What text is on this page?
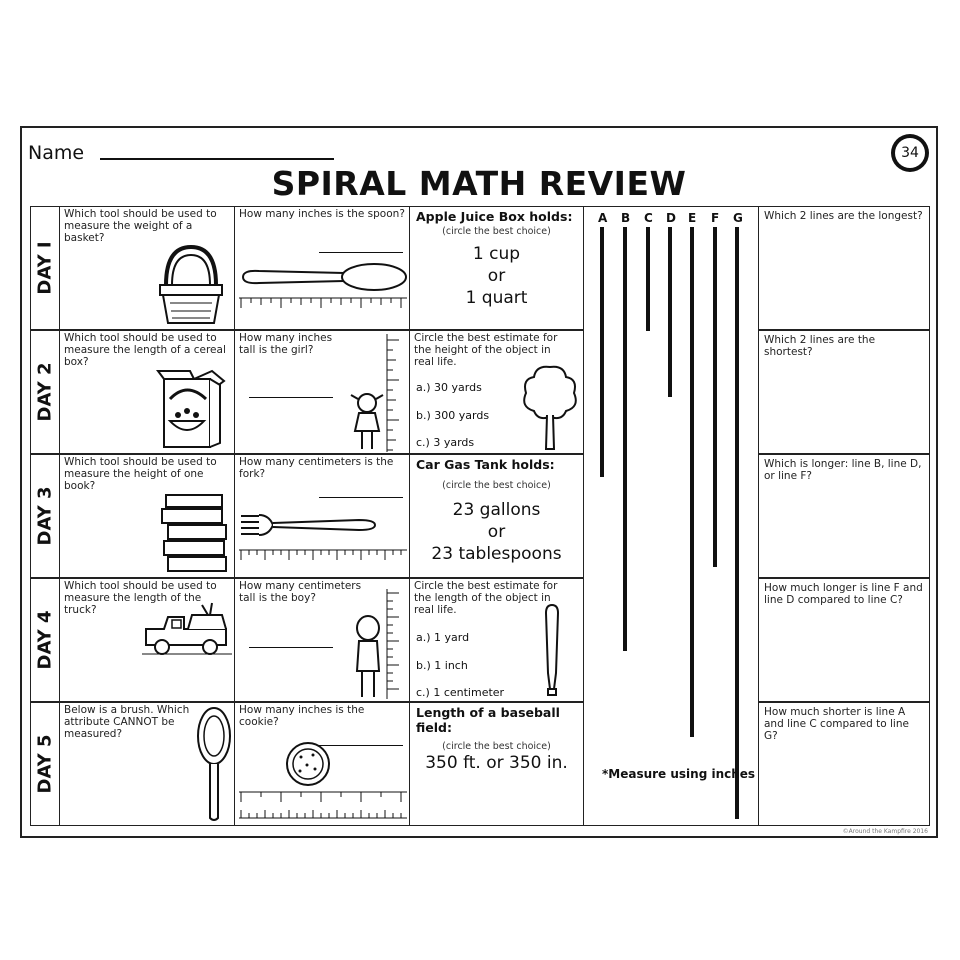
Name
SPIRAL MATH REVIEW
34
DAY I
Which tool should be used to measure the weight of a basket?
How many inches is the spoon? Apple Juice Box holds:
(circle the best choice)
1 cup
or
1 quart
DAY 2
Which tool should be used to measure the length of a cereal box?
How many inches tall is the girl?
Circle the best estimate for the height of the object in real life.
a.) 30 yards
b.) 300 yards
c.) 3 yards
DAY 3
Which tool should be used to measure the height of one book?
How many centimeters is the fork?
Car Gas Tank holds:
(circle the best choice)
23 gallons
or
23 tablespoons
DAY 4
Which tool should be used to measure the length of the truck?
How many centimeters tall is the boy?
Circle the best estimate for the length of the object in real life.
a.) 1 yard
b.) 1 inch
c.) 1 centimeter
DAY 5
Below is a brush. Which attribute CANNOT be measured?
How many inches is the cookie?
Length of a baseball field:
(circle the best choice)
350 ft. or 350 in.
A B C D E F G
*Measure using inches
Which 2 lines are the longest?
Which 2 lines are the shortest?
Which is longer: line B, line D, or line F?
How much longer is line F and line D compared to line C?
How much shorter is line A and line C compared to line G?
©Around the Kampfire 2016
